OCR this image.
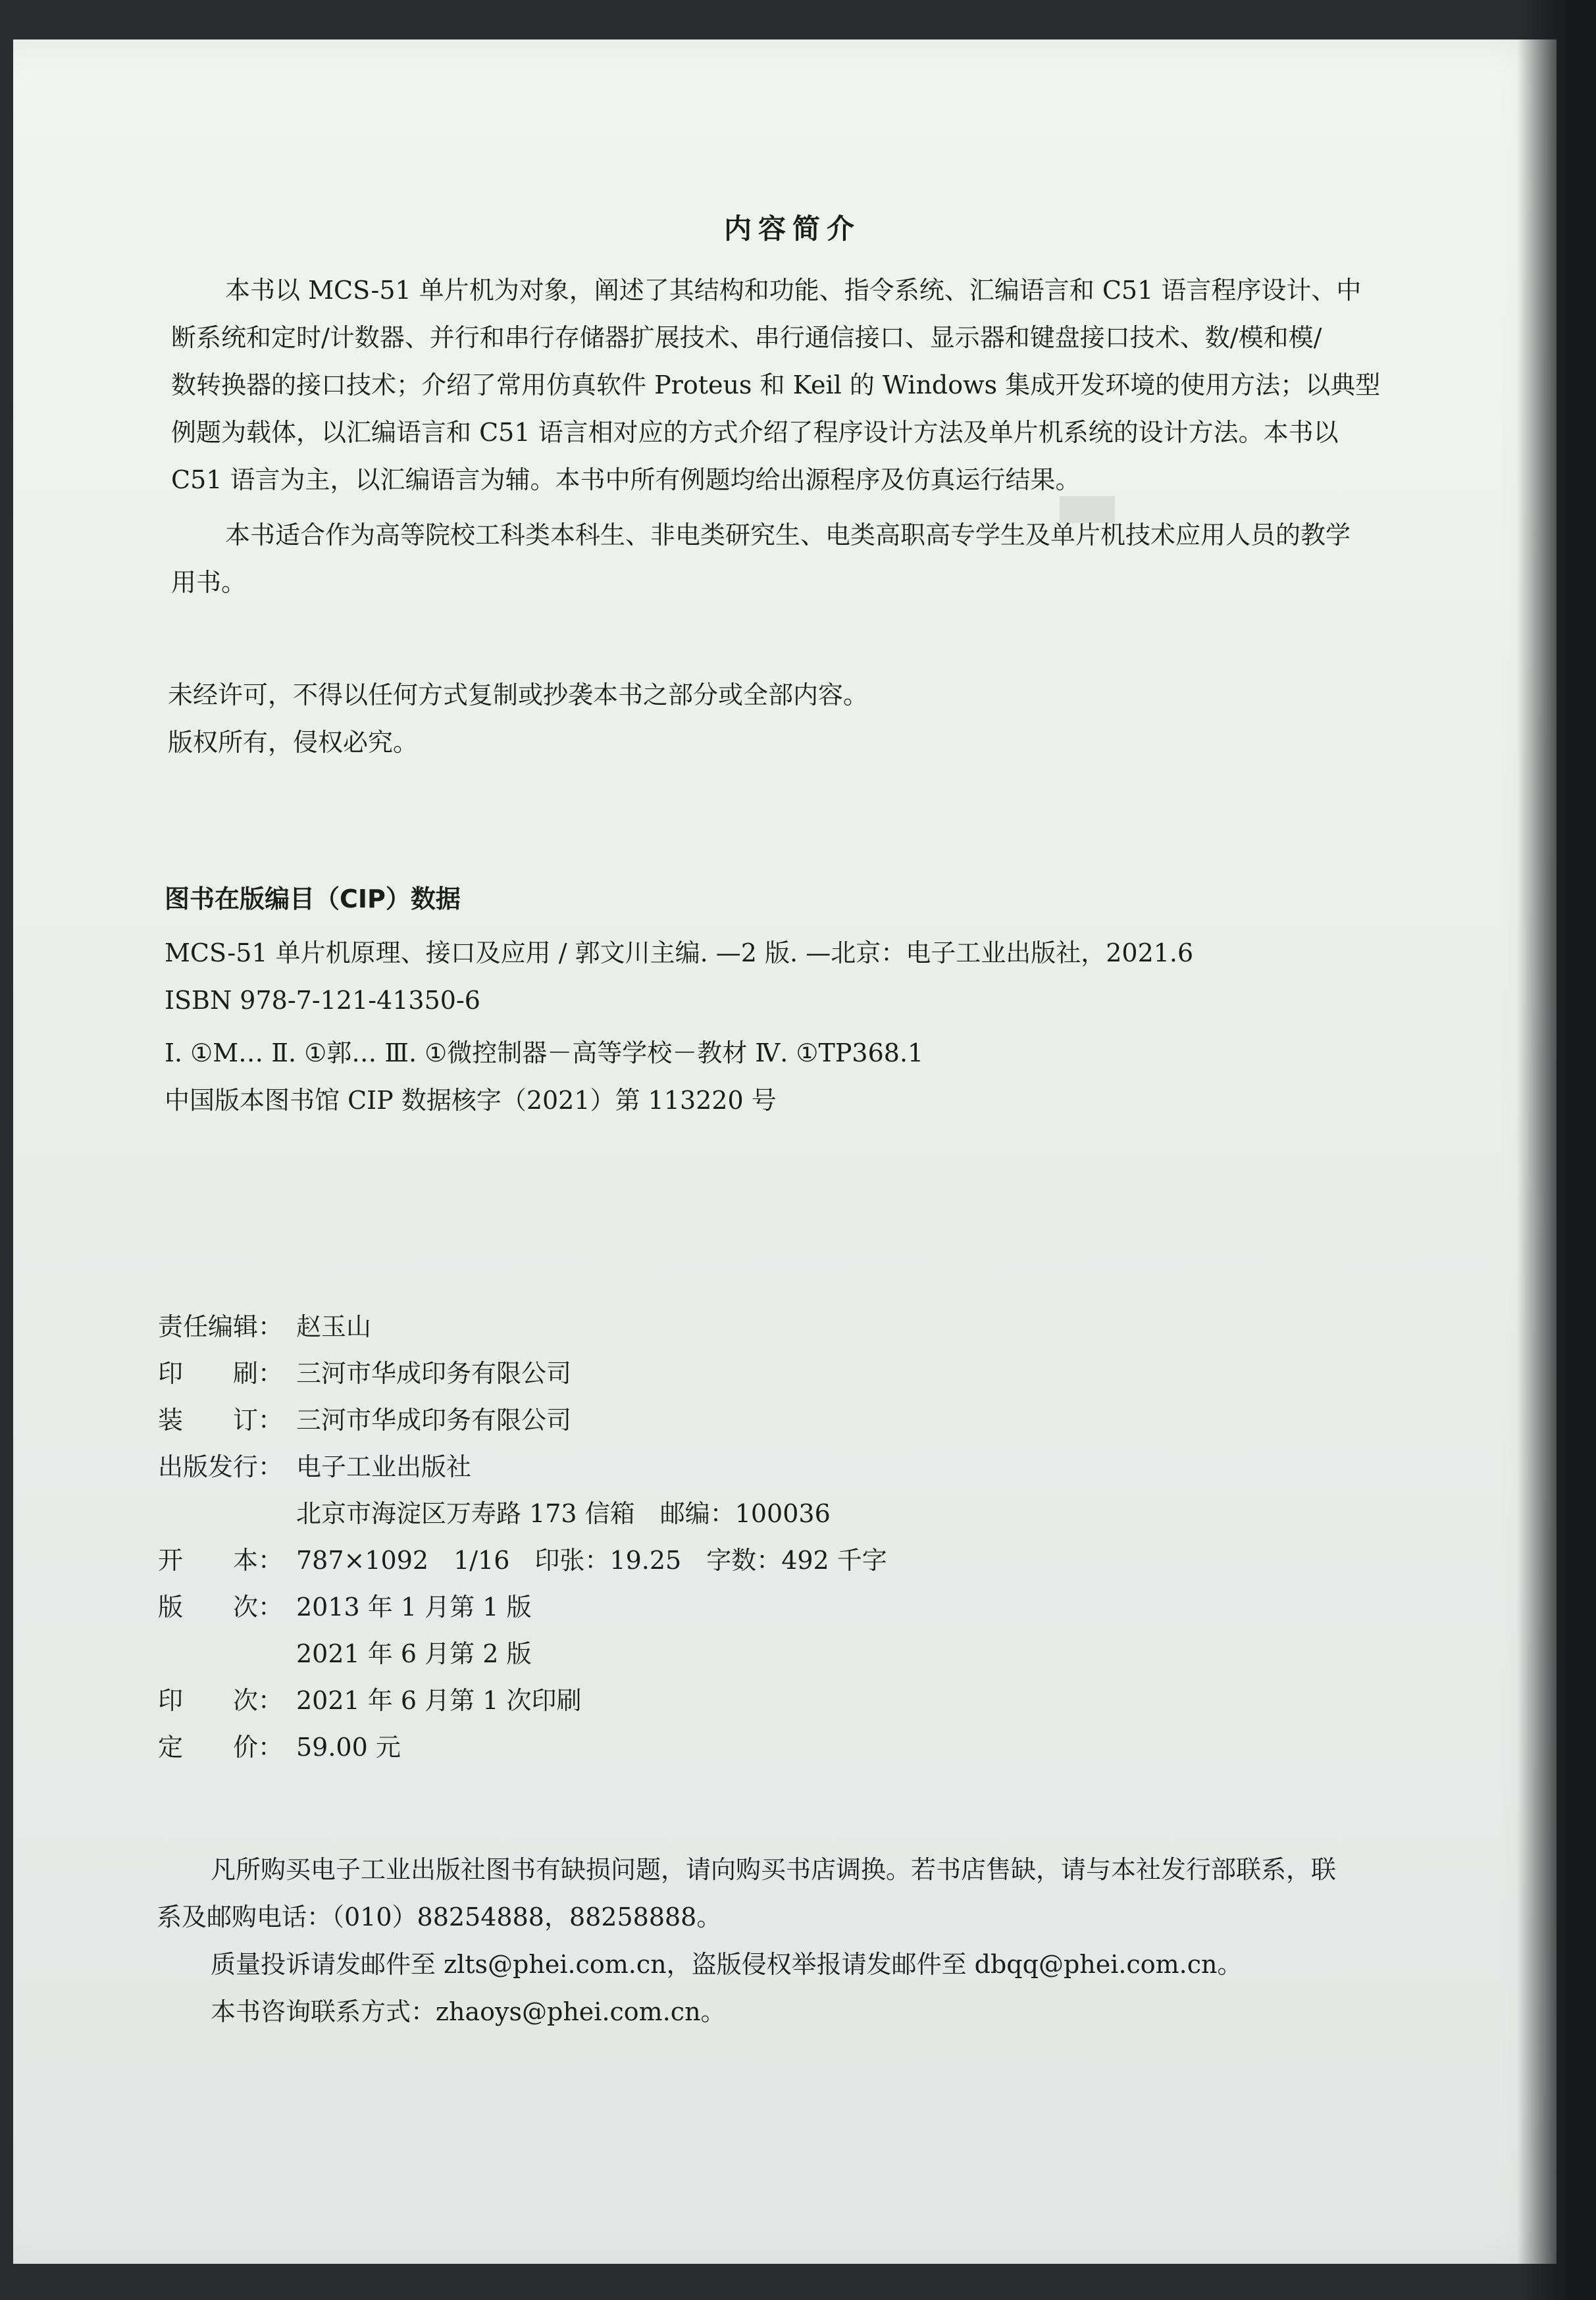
▬
内容简介
本书以 MCS-51 单片机为对象，阐述了其结构和功能、指令系统、汇编语言和 C51 语言程序设计、中
断系统和定时/计数器、并行和串行存储器扩展技术、串行通信接口、显示器和键盘接口技术、数/模和模/
数转换器的接口技术；介绍了常用仿真软件 Proteus 和 Keil 的 Windows 集成开发环境的使用方法；以典型
例题为载体，以汇编语言和 C51 语言相对应的方式介绍了程序设计方法及单片机系统的设计方法。本书以
C51 语言为主，以汇编语言为辅。本书中所有例题均给出源程序及仿真运行结果。
本书适合作为高等院校工科类本科生、非电类研究生、电类高职高专学生及单片机技术应用人员的教学
用书。
未经许可，不得以任何方式复制或抄袭本书之部分或全部内容。
版权所有，侵权必究。
图书在版编目（CIP）数据
MCS-51 单片机原理、接口及应用 / 郭文川主编. —2 版. —北京：电子工业出版社，2021.6
ISBN 978-7-121-41350-6
Ⅰ. ①M… Ⅱ. ①郭… Ⅲ. ①微控制器－高等学校－教材 Ⅳ. ①TP368.1
中国版本图书馆 CIP 数据核字（2021）第 113220 号
责任编辑： 赵玉山
印　　刷： 三河市华成印务有限公司
装　　订： 三河市华成印务有限公司
出版发行： 电子工业出版社
北京市海淀区万寿路 173 信箱　邮编：100036
开　　本： 787×1092　1/16　印张：19.25　字数：492 千字
版　　次： 2013 年 1 月第 1 版
2021 年 6 月第 2 版
印　　次： 2021 年 6 月第 1 次印刷
定　　价： 59.00 元
凡所购买电子工业出版社图书有缺损问题，请向购买书店调换。若书店售缺，请与本社发行部联系，联
系及邮购电话：（010）88254888，88258888。
质量投诉请发邮件至 zlts@phei.com.cn，盗版侵权举报请发邮件至 dbqq@phei.com.cn。
本书咨询联系方式：zhaoys@phei.com.cn。
